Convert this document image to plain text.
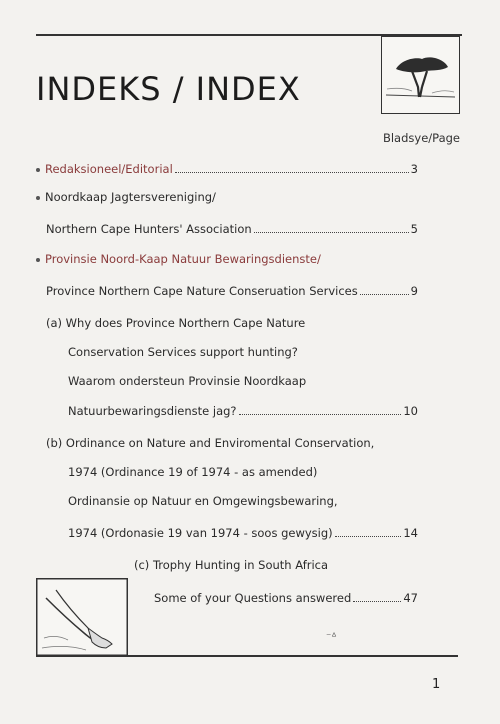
INDEKS / INDEX
Bladsye/Page
Redaksioneel/Editorial	3
Noordkaap Jagtersvereniging/
Northern Cape Hunters' Association	5
Provinsie Noord-Kaap Natuur Bewaringsdienste/
Province Northern Cape Nature Conseruation Services	9
(a) Why does Province Northern Cape Nature
Conservation Services support hunting?
Waarom ondersteun Provinsie Noordkaap
Natuurbewaringsdienste jag?	10
(b) Ordinance on Nature and Enviromental Conservation,
1974 (Ordinance 19 of 1974 - as amended)
Ordinansie op Natuur en Omgewingsbewaring,
1974 (Ordonasie 19 van 1974 - soos gewysig)	14
(c) Trophy Hunting in South Africa
Some of your Questions answered	47
⁻ᐞ
1
